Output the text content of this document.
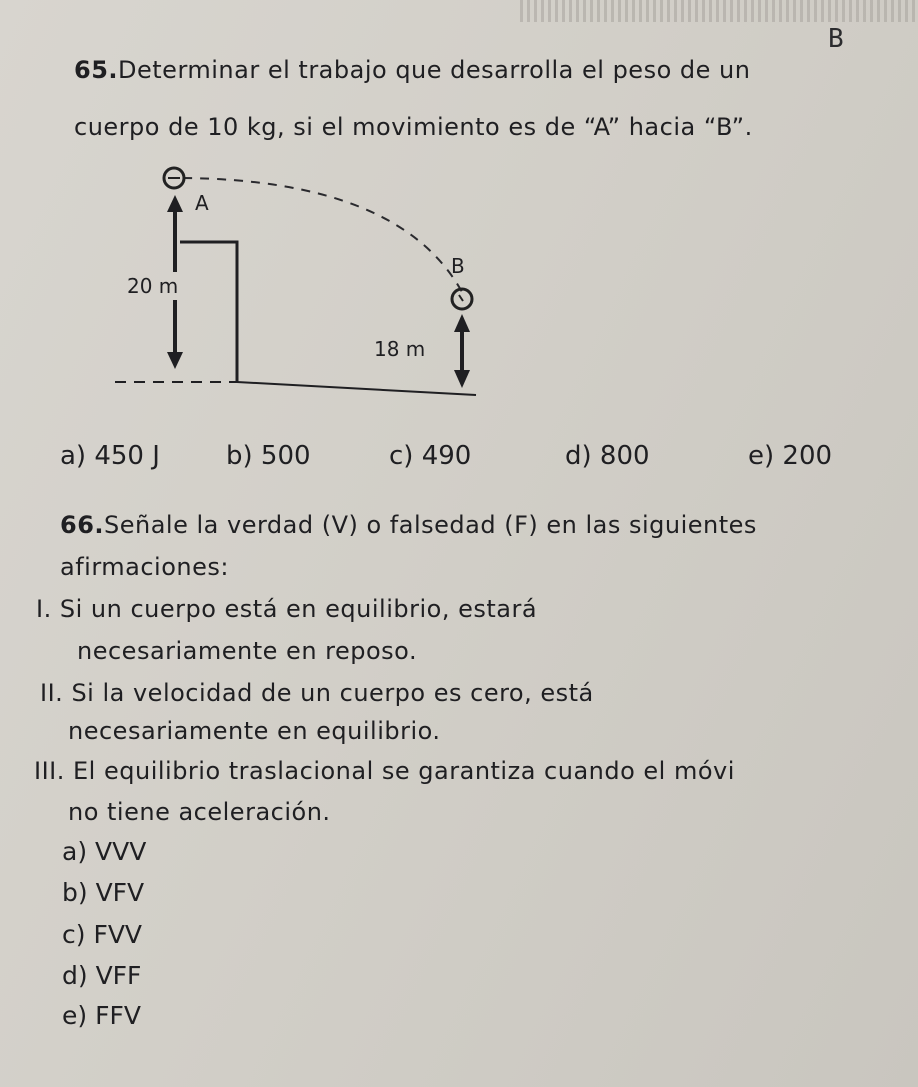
B
65.Determinar el trabajo que desarrolla el peso de un
cuerpo de 10 kg, si el movimiento es de “A” hacia “B”.
A
B
20 m
18 m
a) 450 J	b) 500	c) 490	d) 800	e) 200
66.Señale la verdad (V) o falsedad (F) en las siguientes
afirmaciones:
I. Si un cuerpo está en equilibrio, estará
necesariamente en reposo.
II. Si la velocidad de un cuerpo es cero, está
necesariamente en equilibrio.
III. El equilibrio traslacional se garantiza cuando el móvi
no tiene aceleración.
a) VVV
b) VFV
c) FVV
d) VFF
e) FFV
